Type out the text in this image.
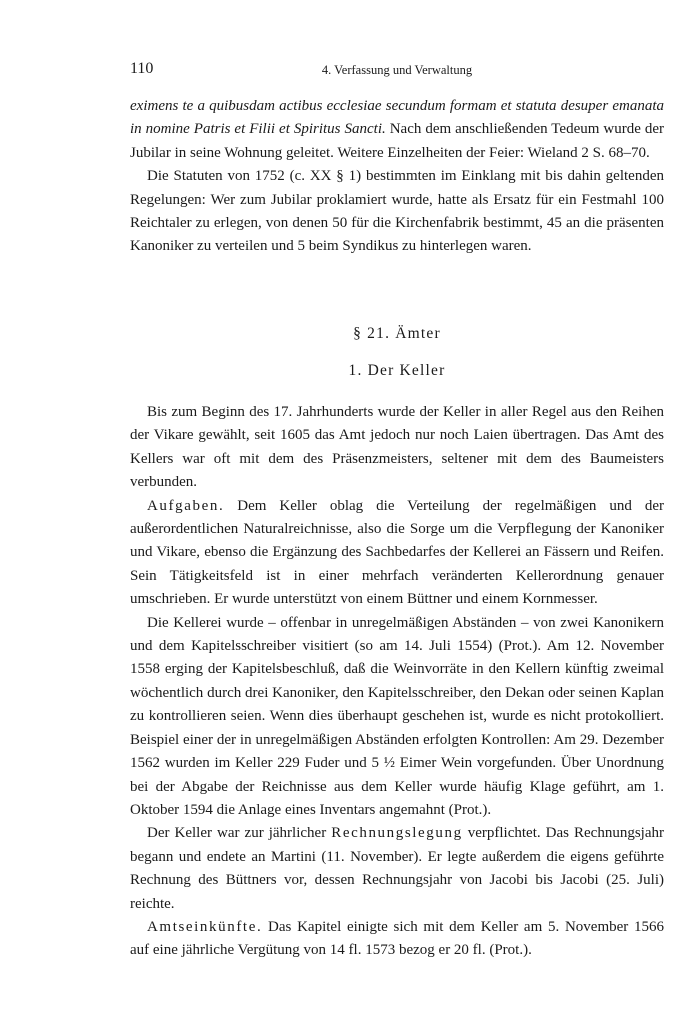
110	4. Verfassung und Verwaltung

eximens te a quibusdam actibus ecclesiae secundum formam et statuta desuper emanata in nomine Patris et Filii et Spiritus Sancti. Nach dem anschließenden Tedeum wurde der Jubilar in seine Wohnung geleitet. Weitere Einzelheiten der Feier: Wieland 2 S. 68–70.

Die Statuten von 1752 (c. XX § 1) bestimmten im Einklang mit bis dahin geltenden Regelungen: Wer zum Jubilar proklamiert wurde, hatte als Ersatz für ein Festmahl 100 Reichtaler zu erlegen, von denen 50 für die Kirchenfabrik bestimmt, 45 an die präsenten Kanoniker zu verteilen und 5 beim Syndikus zu hinterlegen waren.

§ 21. Ämter
1. Der Keller

Bis zum Beginn des 17. Jahrhunderts wurde der Keller in aller Regel aus den Reihen der Vikare gewählt, seit 1605 das Amt jedoch nur noch Laien übertragen. Das Amt des Kellers war oft mit dem des Präsenzmeisters, seltener mit dem des Baumeisters verbunden.

Aufgaben. Dem Keller oblag die Verteilung der regelmäßigen und der außerordentlichen Naturalreichnisse, also die Sorge um die Verpflegung der Kanoniker und Vikare, ebenso die Ergänzung des Sachbedarfes der Kellerei an Fässern und Reifen. Sein Tätigkeitsfeld ist in einer mehrfach veränderten Kellerordnung genauer umschrieben. Er wurde unterstützt von einem Büttner und einem Kornmesser.

Die Kellerei wurde – offenbar in unregelmäßigen Abständen – von zwei Kanonikern und dem Kapitelsschreiber visitiert (so am 14. Juli 1554) (Prot.). Am 12. November 1558 erging der Kapitelsbeschluß, daß die Weinvorräte in den Kellern künftig zweimal wöchentlich durch drei Kanoniker, den Kapitelsschreiber, den Dekan oder seinen Kaplan zu kontrollieren seien. Wenn dies überhaupt geschehen ist, wurde es nicht protokolliert. Beispiel einer der in unregelmäßigen Abständen erfolgten Kontrollen: Am 29. Dezember 1562 wurden im Keller 229 Fuder und 5 ½ Eimer Wein vorgefunden. Über Unordnung bei der Abgabe der Reichnisse aus dem Keller wurde häufig Klage geführt, am 1. Oktober 1594 die Anlage eines Inventars angemahnt (Prot.).

Der Keller war zur jährlicher Rechnungslegung verpflichtet. Das Rechnungsjahr begann und endete an Martini (11. November). Er legte außerdem die eigens geführte Rechnung des Büttners vor, dessen Rechnungsjahr von Jacobi bis Jacobi (25. Juli) reichte.

Amtseinkünfte. Das Kapitel einigte sich mit dem Keller am 5. November 1566 auf eine jährliche Vergütung von 14 fl. 1573 bezog er 20 fl. (Prot.).
